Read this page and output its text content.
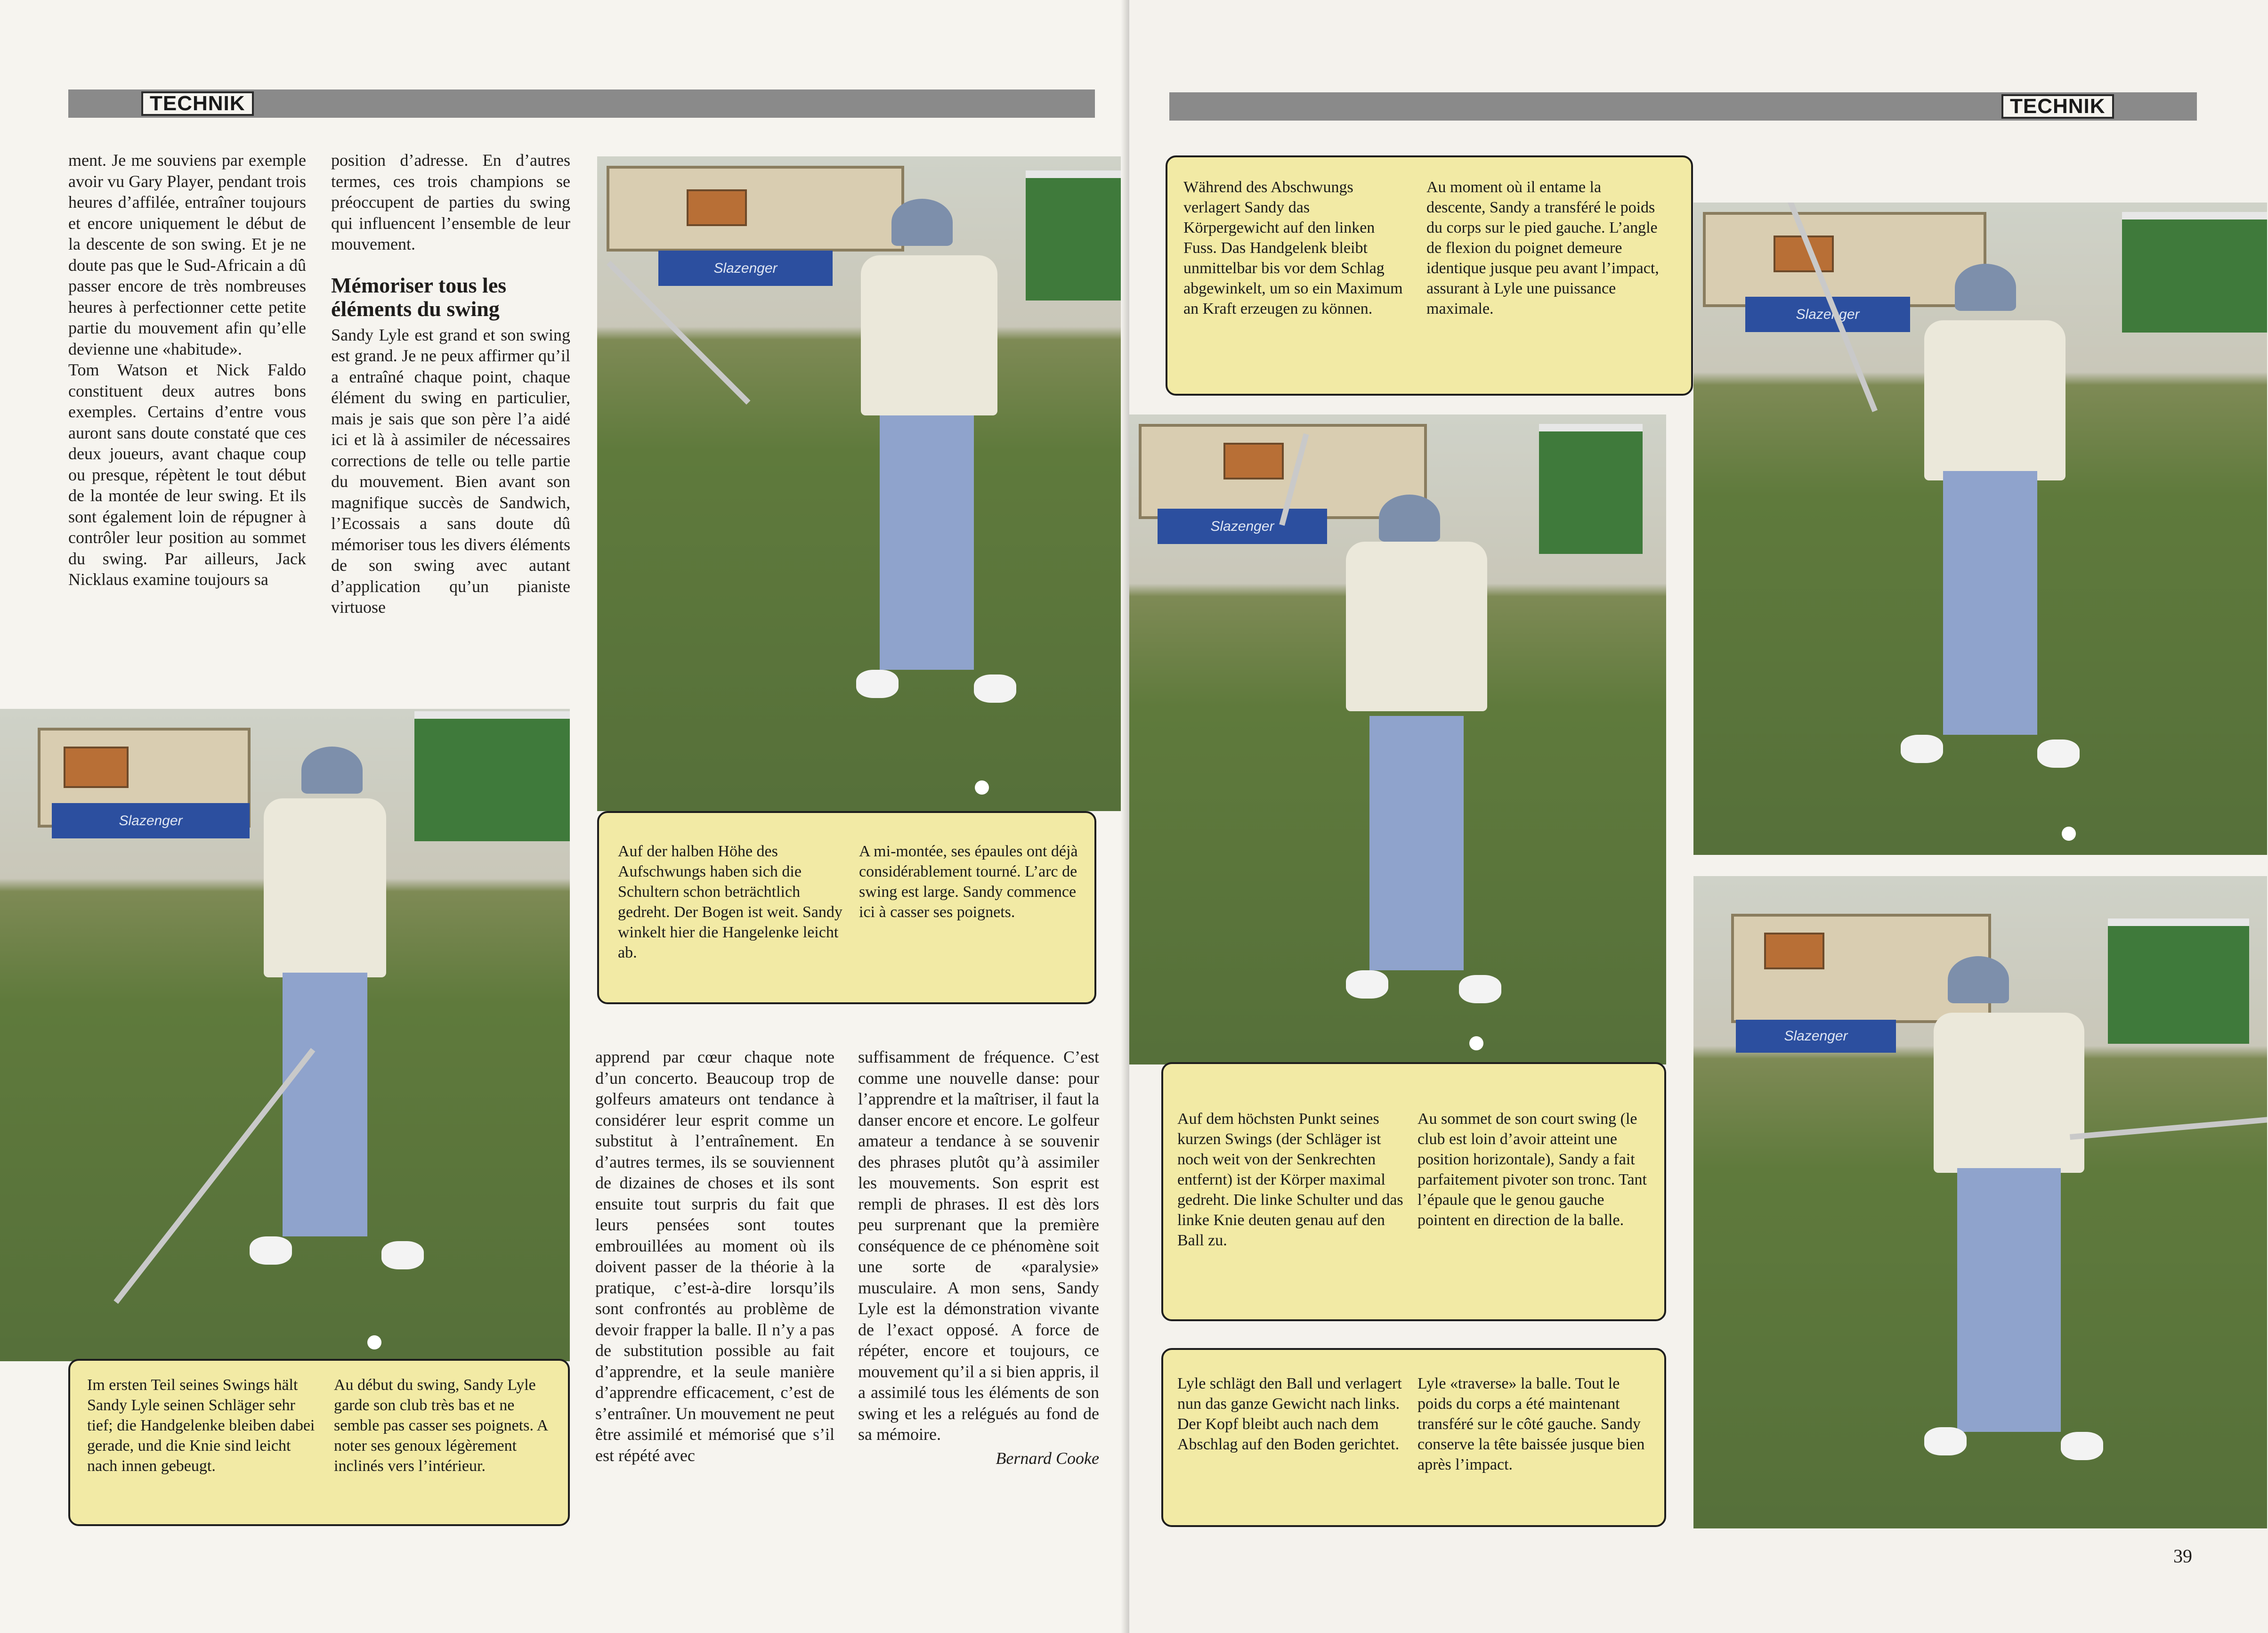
TECHNIK

ment. Je me souviens par exemple avoir vu Gary Player, pendant trois heures d’affilée, entraîner toujours et encore uniquement le début de la descente de son swing. Et je ne doute pas que le Sud-Africain a dû passer encore de très nombreuses heures à perfectionner cette petite partie du mouvement afin qu’elle devienne une «habitude».

Tom Watson et Nick Faldo constituent deux autres bons exemples. Certains d’entre vous auront sans doute constaté que ces deux joueurs, avant chaque coup ou presque, répètent le tout début de la montée de leur swing. Et ils sont également loin de répugner à contrôler leur position au sommet du swing. Par ailleurs, Jack Nicklaus examine toujours sa

position d’adresse. En d’autres termes, ces trois champions se préoccupent de parties du swing qui influencent l’ensemble de leur mouvement.

Mémoriser tous les éléments du swing

Sandy Lyle est grand et son swing est grand. Je ne peux affirmer qu’il a entraîné chaque point, chaque élément du swing en particulier, mais je sais que son père l’a aidé ici et là à assimiler de nécessaires corrections de telle ou telle partie du mouvement. Bien avant son magnifique succès de Sandwich, l’Ecossais a sans doute dû mémoriser tous les divers éléments de son swing avec autant d’application qu’un pianiste virtuose

Slazenger
Im ersten Teil seines Swings hält Sandy Lyle seinen Schläger sehr tief; die Handgelenke bleiben dabei gerade, und die Knie sind leicht nach innen gebeugt.
Au début du swing, Sandy Lyle garde son club très bas et ne semble pas casser ses poignets. A noter ses genoux légèrement inclinés vers l’intérieur.
Slazenger
Auf der halben Höhe des Aufschwungs haben sich die Schultern schon beträchtlich gedreht. Der Bogen ist weit. Sandy winkelt hier die Hangelenke leicht ab.
A mi-montée, ses épaules ont déjà considérablement tourné. L’arc de swing est large. Sandy commence ici à casser ses poignets.

apprend par cœur chaque note d’un concerto. Beaucoup trop de golfeurs amateurs ont tendance à considérer leur esprit comme un substitut à l’entraînement. En d’autres termes, ils se souviennent de dizaines de choses et ils sont ensuite tout surpris du fait que leurs pensées sont toutes embrouillées au moment où ils doivent passer de la théorie à la pratique, c’est-à-dire lorsqu’ils sont confrontés au problème de devoir frapper la balle. Il n’y a pas de substitution possible au fait d’apprendre, et la seule manière d’apprendre efficacement, c’est de s’entraîner. Un mouvement ne peut être assimilé et mémorisé que s’il est répété avec

suffisamment de fréquence. C’est comme une nouvelle danse: pour l’apprendre et la maîtriser, il faut la danser encore et encore. Le golfeur amateur a tendance à se souvenir des phrases plutôt qu’à assimiler les mouvements. Son esprit est rempli de phrases. Il est dès lors peu surprenant que la première conséquence de ce phénomène soit une sorte de «paralysie» musculaire. A mon sens, Sandy Lyle est la démonstration vivante de l’exact opposé. A force de répéter, encore et toujours, ce mouvement qu’il a si bien appris, il a assimilé tous les éléments de son swing et les a relégués au fond de sa mémoire.

Bernard Cooke
TECHNIK
Während des Abschwungs verlagert Sandy das Körpergewicht auf den linken Fuss. Das Handgelenk bleibt unmittelbar bis vor dem Schlag abgewinkelt, um so ein Maximum an Kraft erzeugen zu können.
Au moment où il entame la descente, Sandy a transféré le poids du corps sur le pied gauche. L’angle de flexion du poignet demeure identique jusque peu avant l’impact, assurant à Lyle une puissance maximale.	Slazenger
Slazenger
Auf dem höchsten Punkt seines kurzen Swings (der Schläger ist noch weit von der Senkrechten entfernt) ist der Körper maximal gedreht. Die linke Schulter und das linke Knie deuten genau auf den Ball zu.
Au sommet de son court swing (le club est loin d’avoir atteint une position horizontale), Sandy a fait parfaitement pivoter son tronc. Tant l’épaule que le genou gauche pointent en direction de la balle.
Slazenger
Lyle schlägt den Ball und verlagert nun das ganze Gewicht nach links. Der Kopf bleibt auch nach dem Abschlag auf den Boden gerichtet.
Lyle «traverse» la balle. Tout le poids du corps a été maintenant transféré sur le côté gauche. Sandy conserve la tête baissée jusque bien après l’impact.
39
